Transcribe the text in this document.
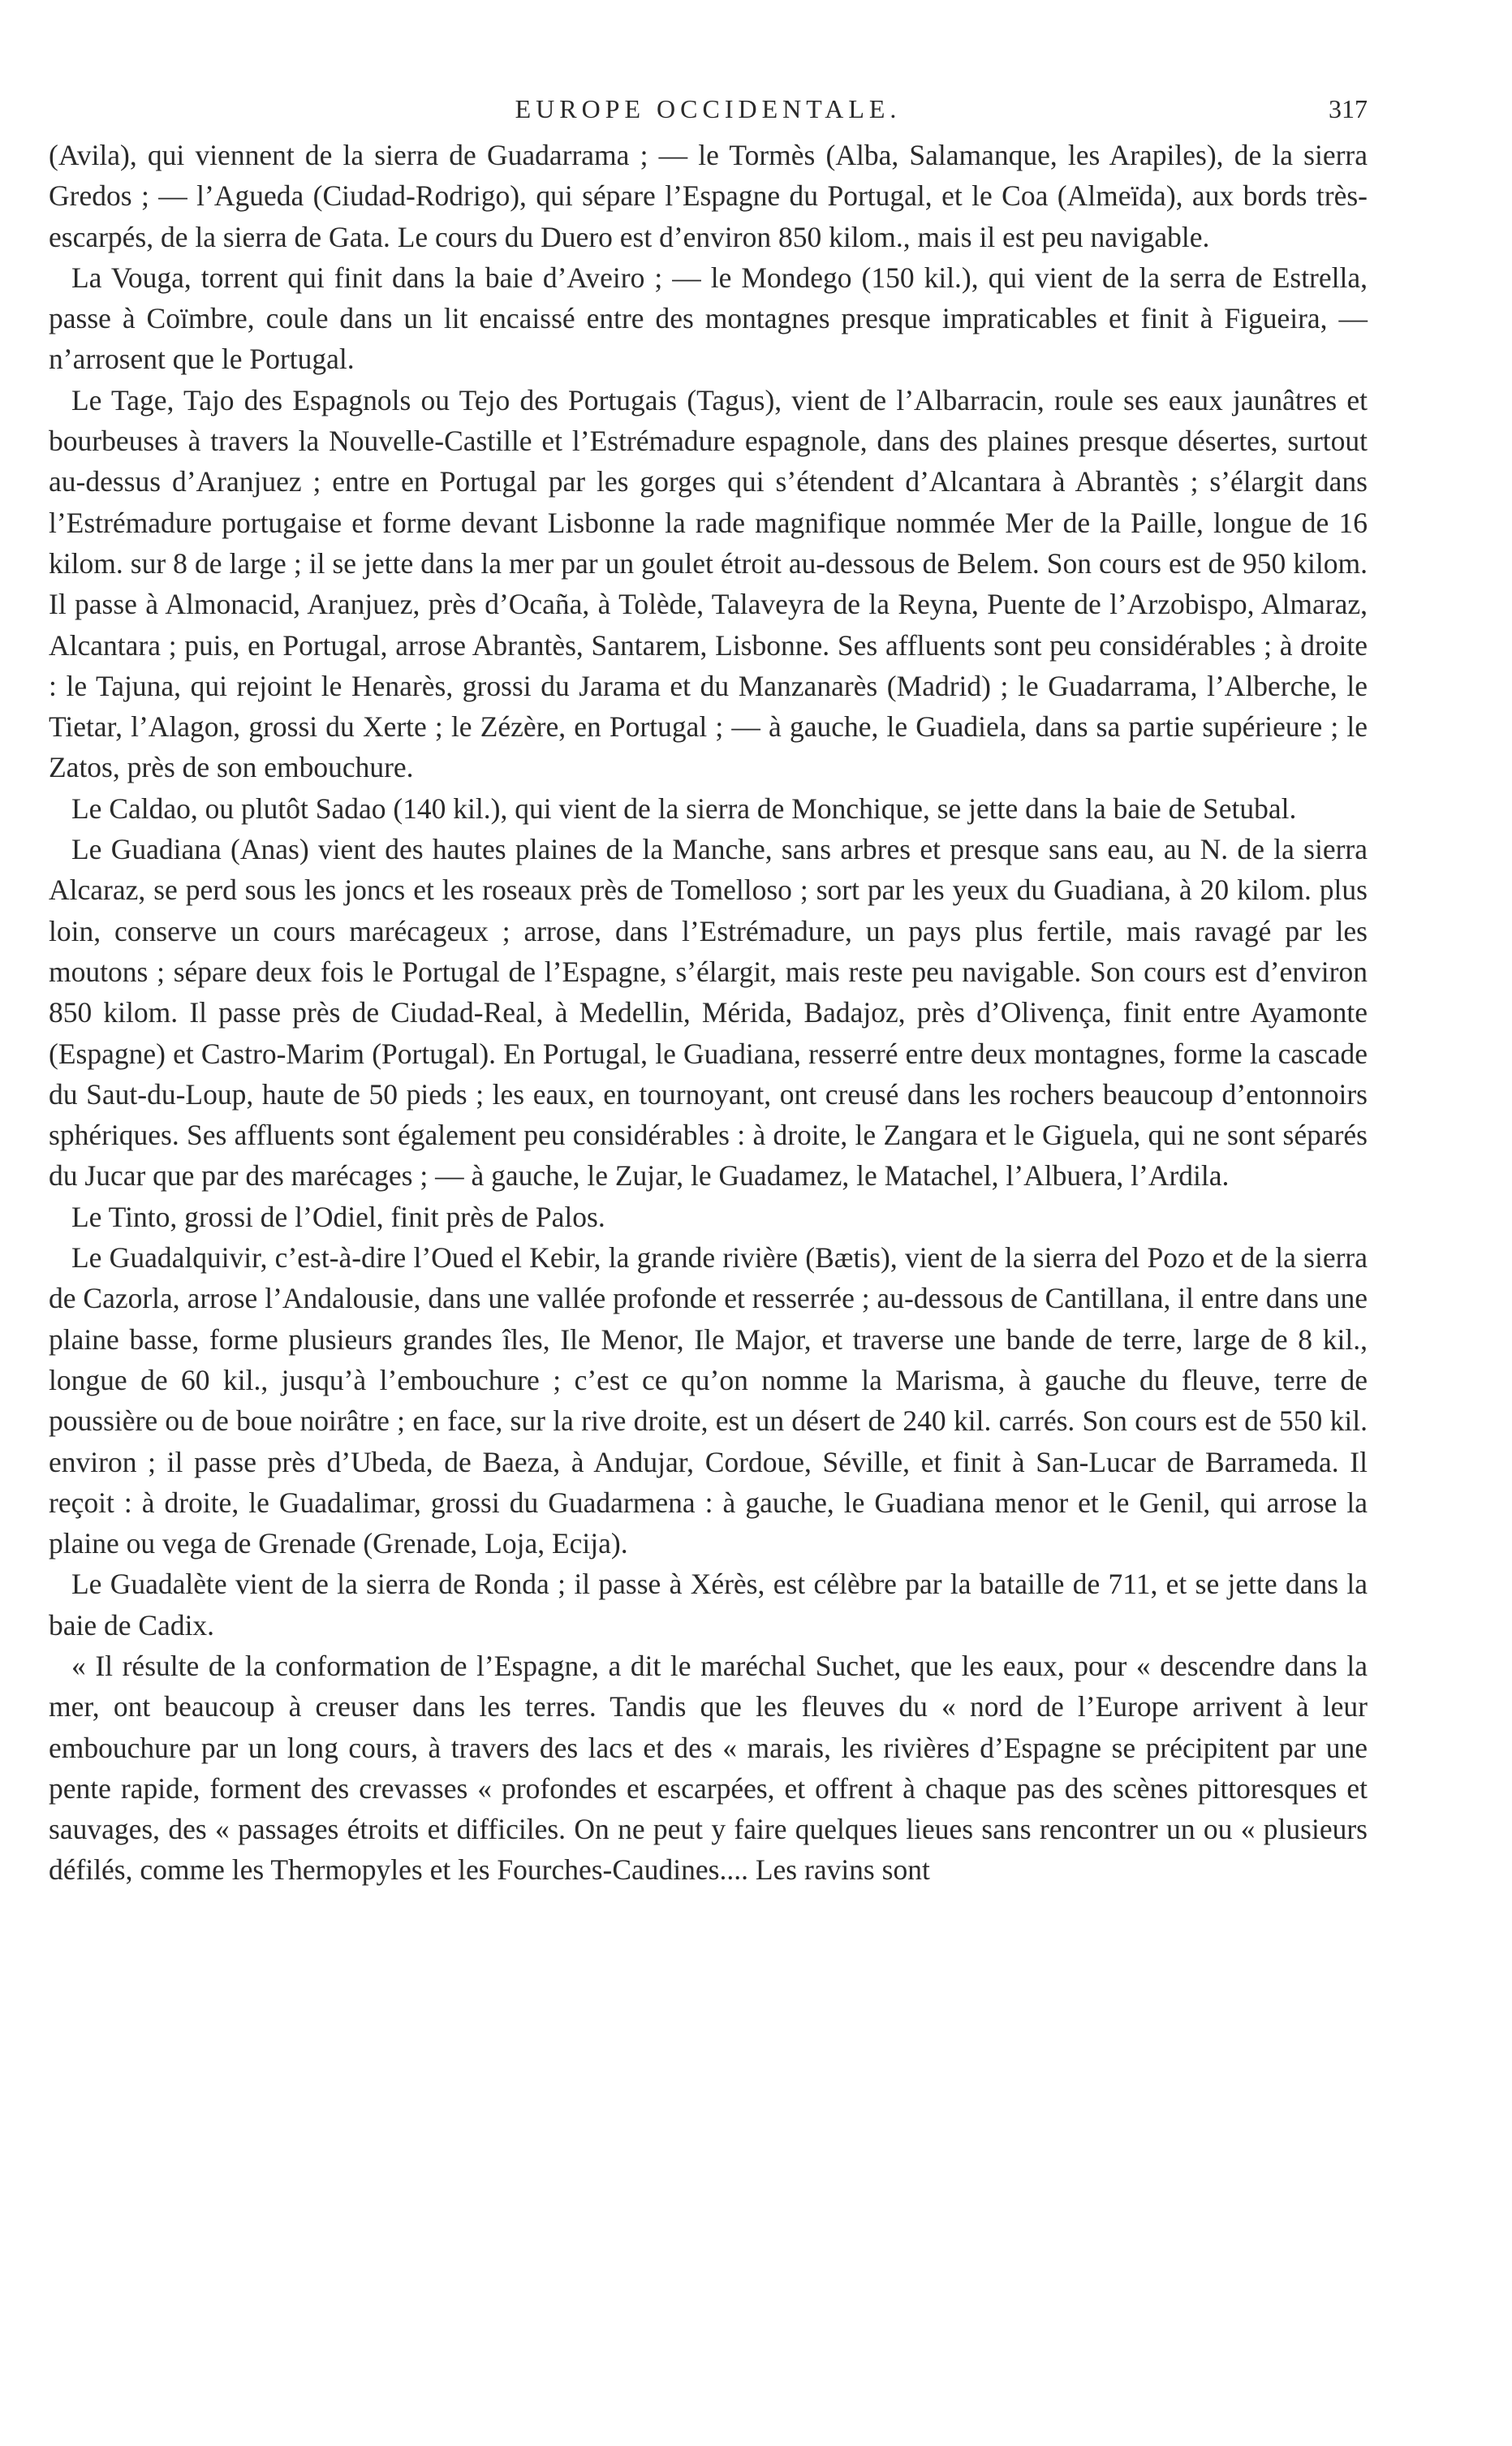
EUROPE OCCIDENTALE.	317

(Avila), qui viennent de la sierra de Guadarrama ; — le Tormès (Alba, Salamanque, les Arapiles), de la sierra Gredos ; — l’Agueda (Ciudad-Rodrigo), qui sépare l’Espagne du Portugal, et le Coa (Almeïda), aux bords très-escarpés, de la sierra de Gata. Le cours du Duero est d’environ 850 kilom., mais il est peu navigable.

La Vouga, torrent qui finit dans la baie d’Aveiro ; — le Mondego (150 kil.), qui vient de la serra de Estrella, passe à Coïmbre, coule dans un lit encaissé entre des montagnes presque impraticables et finit à Figueira, — n’arrosent que le Portugal.

Le Tage, Tajo des Espagnols ou Tejo des Portugais (Tagus), vient de l’Albarracin, roule ses eaux jaunâtres et bourbeuses à travers la Nouvelle-Castille et l’Estrémadure espagnole, dans des plaines presque désertes, surtout au-dessus d’Aranjuez ; entre en Portugal par les gorges qui s’étendent d’Alcantara à Abrantès ; s’élargit dans l’Estrémadure portugaise et forme devant Lisbonne la rade magnifique nommée Mer de la Paille, longue de 16 kilom. sur 8 de large ; il se jette dans la mer par un goulet étroit au-dessous de Belem. Son cours est de 950 kilom. Il passe à Almonacid, Aranjuez, près d’Ocaña, à Tolède, Talaveyra de la Reyna, Puente de l’Arzobispo, Almaraz, Alcantara ; puis, en Portugal, arrose Abrantès, Santarem, Lisbonne. Ses affluents sont peu considérables ; à droite : le Tajuna, qui rejoint le Henarès, grossi du Jarama et du Manzanarès (Madrid) ; le Guadarrama, l’Alberche, le Tietar, l’Alagon, grossi du Xerte ; le Zézère, en Portugal ; — à gauche, le Guadiela, dans sa partie supérieure ; le Zatos, près de son embouchure.

Le Caldao, ou plutôt Sadao (140 kil.), qui vient de la sierra de Monchique, se jette dans la baie de Setubal.

Le Guadiana (Anas) vient des hautes plaines de la Manche, sans arbres et presque sans eau, au N. de la sierra Alcaraz, se perd sous les joncs et les roseaux près de Tomelloso ; sort par les yeux du Guadiana, à 20 kilom. plus loin, conserve un cours marécageux ; arrose, dans l’Estrémadure, un pays plus fertile, mais ravagé par les moutons ; sépare deux fois le Portugal de l’Espagne, s’élargit, mais reste peu navigable. Son cours est d’environ 850 kilom. Il passe près de Ciudad-Real, à Medellin, Mérida, Badajoz, près d’Olivença, finit entre Ayamonte (Espagne) et Castro-Marim (Portugal). En Portugal, le Guadiana, resserré entre deux montagnes, forme la cascade du Saut-du-Loup, haute de 50 pieds ; les eaux, en tournoyant, ont creusé dans les rochers beaucoup d’entonnoirs sphériques. Ses affluents sont également peu considérables : à droite, le Zangara et le Giguela, qui ne sont séparés du Jucar que par des marécages ; — à gauche, le Zujar, le Guadamez, le Matachel, l’Albuera, l’Ardila.

Le Tinto, grossi de l’Odiel, finit près de Palos.

Le Guadalquivir, c’est-à-dire l’Oued el Kebir, la grande rivière (Bætis), vient de la sierra del Pozo et de la sierra de Cazorla, arrose l’Andalousie, dans une vallée profonde et resserrée ; au-dessous de Cantillana, il entre dans une plaine basse, forme plusieurs grandes îles, Ile Menor, Ile Major, et traverse une bande de terre, large de 8 kil., longue de 60 kil., jusqu’à l’embouchure ; c’est ce qu’on nomme la Marisma, à gauche du fleuve, terre de poussière ou de boue noirâtre ; en face, sur la rive droite, est un désert de 240 kil. carrés. Son cours est de 550 kil. environ ; il passe près d’Ubeda, de Baeza, à Andujar, Cordoue, Séville, et finit à San-Lucar de Barrameda. Il reçoit : à droite, le Guadalimar, grossi du Guadarmena : à gauche, le Guadiana menor et le Genil, qui arrose la plaine ou vega de Grenade (Grenade, Loja, Ecija).

Le Guadalète vient de la sierra de Ronda ; il passe à Xérès, est célèbre par la bataille de 711, et se jette dans la baie de Cadix.

« Il résulte de la conformation de l’Espagne, a dit le maréchal Suchet, que les eaux, pour « descendre dans la mer, ont beaucoup à creuser dans les terres. Tandis que les fleuves du « nord de l’Europe arrivent à leur embouchure par un long cours, à travers des lacs et des « marais, les rivières d’Espagne se précipitent par une pente rapide, forment des crevasses « profondes et escarpées, et offrent à chaque pas des scènes pittoresques et sauvages, des « passages étroits et difficiles. On ne peut y faire quelques lieues sans rencontrer un ou « plusieurs défilés, comme les Thermopyles et les Fourches-Caudines.... Les ravins sont
